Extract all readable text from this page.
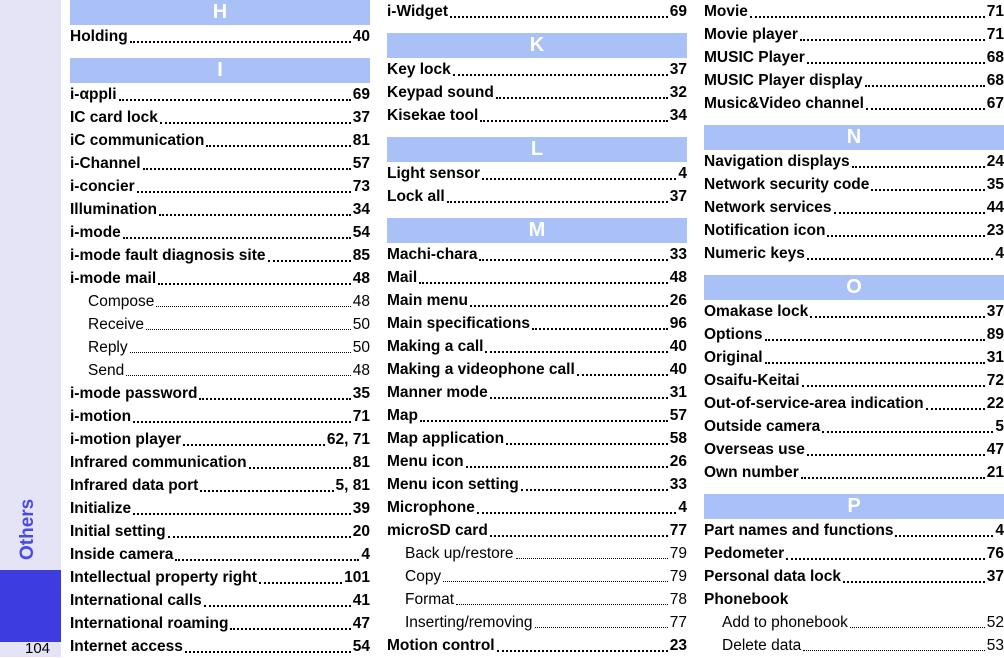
Others
104
H
Holding	40
I
i-αppli	69
IC card lock	37
iC communication	81
i-Channel	57
i-concier	73
Illumination	34
i-mode	54
i-mode fault diagnosis site	85
i-mode mail	48
Compose	48
Receive	50
Reply	50
Send	48
i-mode password	35
i-motion	71
i-motion player	62, 71
Infrared communication	81
Infrared data port	5, 81
Initialize	39
Initial setting	20
Inside camera	4
Intellectual property right	101
International calls	41
International roaming	47
Internet access	54
i-Widget	69
K
Key lock	37
Keypad sound	32
Kisekae tool	34
L
Light sensor	4
Lock all	37
M
Machi-chara	33
Mail	48
Main menu	26
Main specifications	96
Making a call	40
Making a videophone call	40
Manner mode	31
Map	57
Map application	58
Menu icon	26
Menu icon setting	33
Microphone	4
microSD card	77
Back up/restore	79
Copy	79
Format	78
Inserting/removing	77
Motion control	23
Movie	71
Movie player	71
MUSIC Player	68
MUSIC Player display	68
Music&Video channel	67
N
Navigation displays	24
Network security code	35
Network services	44
Notification icon	23
Numeric keys	4
O
Omakase lock	37
Options	89
Original	31
Osaifu-Keitai	72
Out-of-service-area indication	22
Outside camera	5
Overseas use	47
Own number	21
P
Part names and functions	4
Pedometer	76
Personal data lock	37
Phonebook
Add to phonebook	52
Delete data	53
